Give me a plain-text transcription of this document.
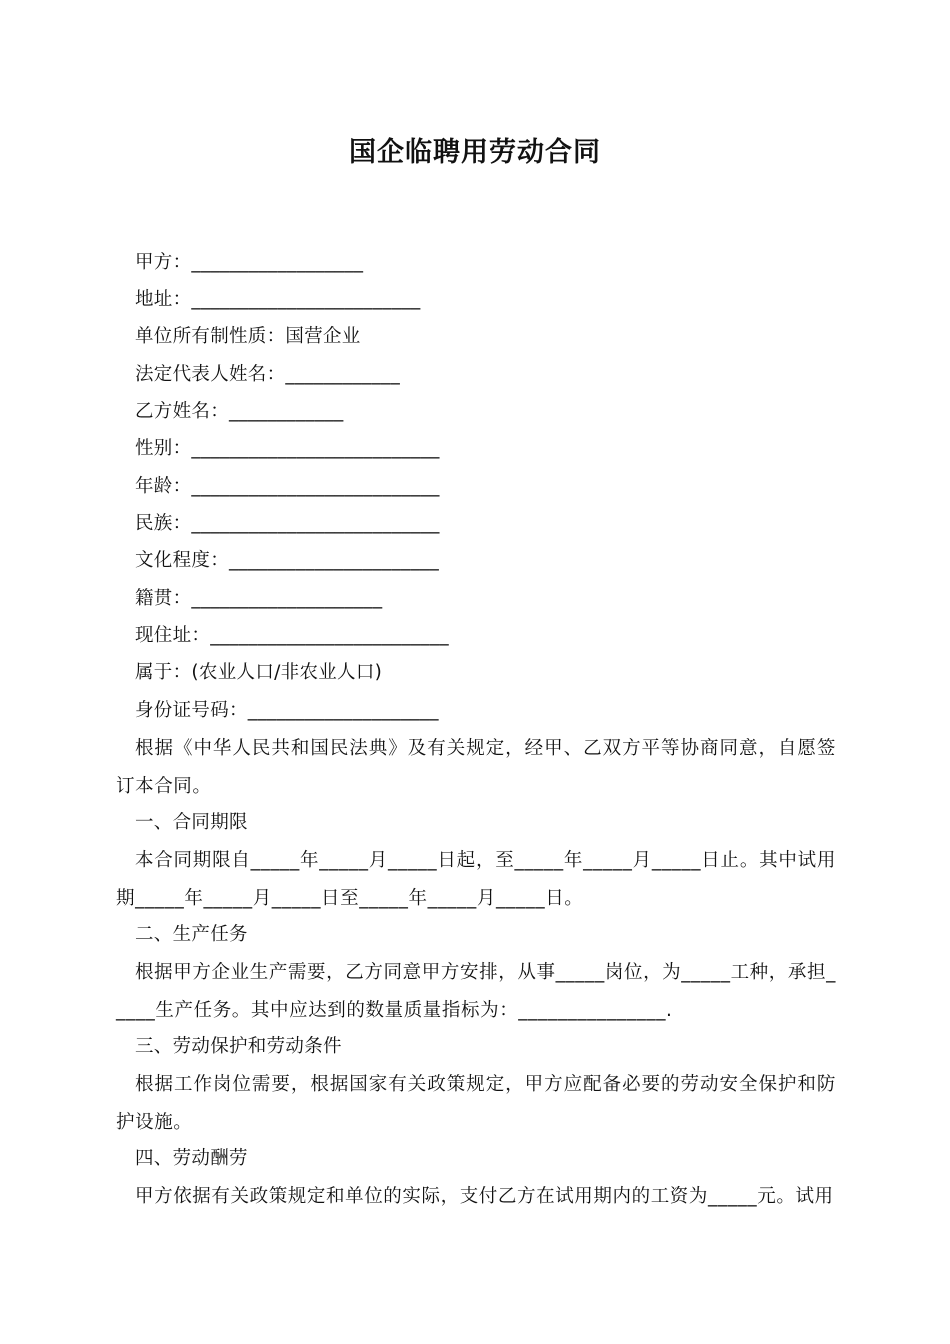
国企临聘用劳动合同
甲方：__________________
地址：________________________
单位所有制性质：国营企业
法定代表人姓名：____________
乙方姓名：____________
性别：__________________________
年龄：__________________________
民族：__________________________
文化程度：______________________
籍贯：____________________
现住址：_________________________
属于：(农业人口/非农业人口)
身份证号码：____________________
根据《中华人民共和国民法典》及有关规定，经甲、乙双方平等协商同意，自愿签订本合同。
一、合同期限
本合同期限自_____年_____月_____日起，至_____年_____月_____日止。其中试用期_____年_____月_____日至_____年_____月_____日。
二、生产任务
根据甲方企业生产需要，乙方同意甲方安排，从事_____岗位，为_____工种，承担_____生产任务。其中应达到的数量质量指标为：_______________.
三、劳动保护和劳动条件
根据工作岗位需要，根据国家有关政策规定，甲方应配备必要的劳动安全保护和防护设施。
四、劳动酬劳
甲方依据有关政策规定和单位的实际，支付乙方在试用期内的工资为_____元。试用
